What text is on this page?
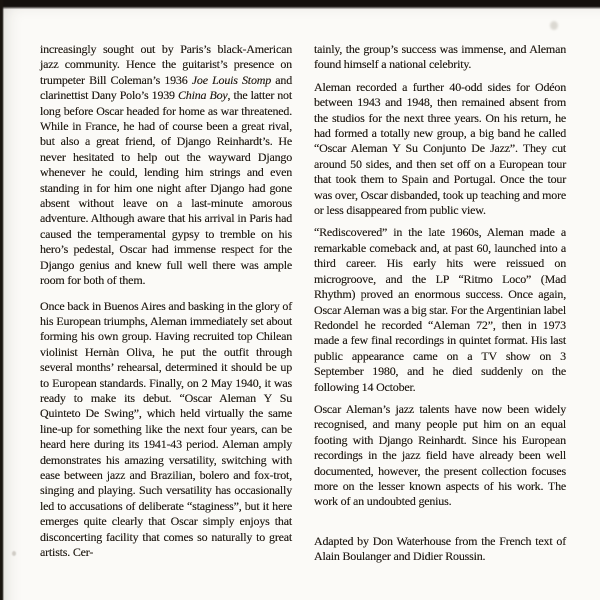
increasingly sought out by Paris’s black-American jazz community. Hence the guitarist’s presence on trumpeter Bill Coleman’s 1936 Joe Louis Stomp and clarinettist Dany Polo’s 1939 China Boy, the latter not long before Oscar headed for home as war threatened. While in France, he had of course been a great rival, but also a great friend, of Django Reinhardt’s. He never hesitated to help out the wayward Django whenever he could, lending him strings and even standing in for him one night after Django had gone absent without leave on a last-minute amorous adventure. Although aware that his arrival in Paris had caused the temperamental gypsy to tremble on his hero’s pedestal, Oscar had immense respect for the Django genius and knew full well there was ample room for both of them.

Once back in Buenos Aires and basking in the glory of his European triumphs, Aleman immediately set about forming his own group. Having recruited top Chilean violinist Hernàn Oliva, he put the outfit through several months’ rehearsal, determined it should be up to European standards. Finally, on 2 May 1940, it was ready to make its debut. “Oscar Aleman Y Su Quinteto De Swing”, which held virtually the same line-up for something like the next four years, can be heard here during its 1941-43 period. Aleman amply demonstrates his amazing versatility, switching with ease between jazz and Brazilian, bolero and fox-trot, singing and playing. Such versatility has occasionally led to accusations of deliberate “staginess”, but it here emerges quite clearly that Oscar simply enjoys that disconcerting facility that comes so naturally to great artists. Cer-

tainly, the group’s success was immense, and Aleman found himself a national celebrity.

Aleman recorded a further 40-odd sides for Odéon between 1943 and 1948, then remained absent from the studios for the next three years. On his return, he had formed a totally new group, a big band he called “Oscar Aleman Y Su Conjunto De Jazz”. They cut around 50 sides, and then set off on a European tour that took them to Spain and Portugal. Once the tour was over, Oscar disbanded, took up teaching and more or less disappeared from public view.

“Rediscovered” in the late 1960s, Aleman made a remarkable comeback and, at past 60, launched into a third career. His early hits were reissued on microgroove, and the LP “Ritmo Loco” (Mad Rhythm) proved an enormous success. Once again, Oscar Aleman was a big star. For the Argentinian label Redondel he recorded “Aleman 72”, then in 1973 made a few final recordings in quintet format. His last public appearance came on a TV show on 3 September 1980, and he died suddenly on the following 14 October.

Oscar Aleman’s jazz talents have now been widely recognised, and many people put him on an equal footing with Django Reinhardt. Since his European recordings in the jazz field have already been well documented, however, the present collection focuses more on the lesser known aspects of his work. The work of an undoubted genius.

Adapted by Don Waterhouse from the French text of Alain Boulanger and Didier Roussin.
